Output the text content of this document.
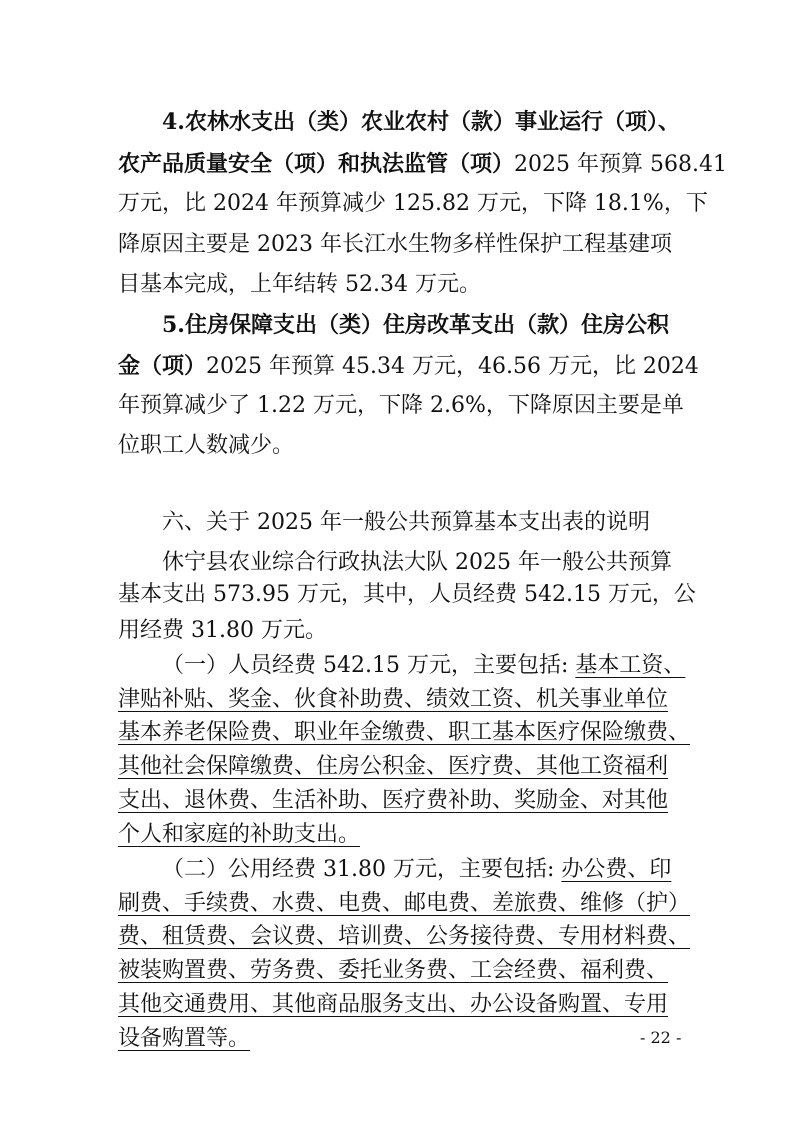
4.农林水支出（类）农业农村（款）事业运行（项）、
农产品质量安全（项）和执法监管（项）2025 年预算 568.41
万元，比 2024 年预算减少 125.82 万元，下降 18.1%，下
降原因主要是 2023 年长江水生物多样性保护工程基建项
目基本完成，上年结转 52.34 万元。
5.住房保障支出（类）住房改革支出（款）住房公积
金（项）2025 年预算 45.34 万元，46.56 万元，比 2024
年预算减少了 1.22 万元，下降 2.6%，下降原因主要是单
位职工人数减少。
六、关于 2025 年一般公共预算基本支出表的说明
休宁县农业综合行政执法大队 2025 年一般公共预算
基本支出 573.95 万元，其中，人员经费 542.15 万元，公
用经费 31.80 万元。
（一）人员经费 542.15 万元，主要包括: 基本工资、
津贴补贴、奖金、伙食补助费、绩效工资、机关事业单位
基本养老保险费、职业年金缴费、职工基本医疗保险缴费、
其他社会保障缴费、住房公积金、医疗费、其他工资福利
支出、退休费、生活补助、医疗费补助、奖励金、对其他
个人和家庭的补助支出。
（二）公用经费 31.80 万元，主要包括: 办公费、印
刷费、手续费、水费、电费、邮电费、差旅费、维修（护）
费、租赁费、会议费、培训费、公务接待费、专用材料费、
被装购置费、劳务费、委托业务费、工会经费、福利费、
其他交通费用、其他商品服务支出、办公设备购置、专用
设备购置等。	- 22 -
